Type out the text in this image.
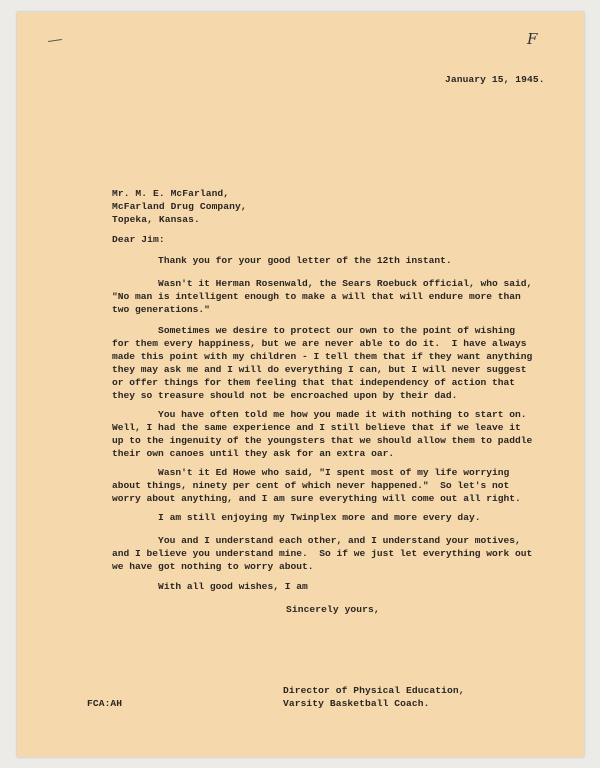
F
January 15, 1945.
Mr. M. E. McFarland,
McFarland Drug Company,
Topeka, Kansas.
Dear Jim:
Thank you for your good letter of the 12th instant.
Wasn't it Herman Rosenwald, the Sears Roebuck official, who said,
"No man is intelligent enough to make a will that will endure more than
two generations."
Sometimes we desire to protect our own to the point of wishing
for them every happiness, but we are never able to do it.  I have always
made this point with my children - I tell them that if they want anything
they may ask me and I will do everything I can, but I will never suggest
or offer things for them feeling that that independency of action that
they so treasure should not be encroached upon by their dad.
You have often told me how you made it with nothing to start on.
Well, I had the same experience and I still believe that if we leave it
up to the ingenuity of the youngsters that we should allow them to paddle
their own canoes until they ask for an extra oar.
Wasn't it Ed Howe who said, "I spent most of my life worrying
about things, ninety per cent of which never happened."  So let's not
worry about anything, and I am sure everything will come out all right.
I am still enjoying my Twinplex more and more every day.
You and I understand each other, and I understand your motives,
and I believe you understand mine.  So if we just let everything work out
we have got nothing to worry about.
With all good wishes, I am
Sincerely yours,
Director of Physical Education,
Varsity Basketball Coach.
FCA:AH
